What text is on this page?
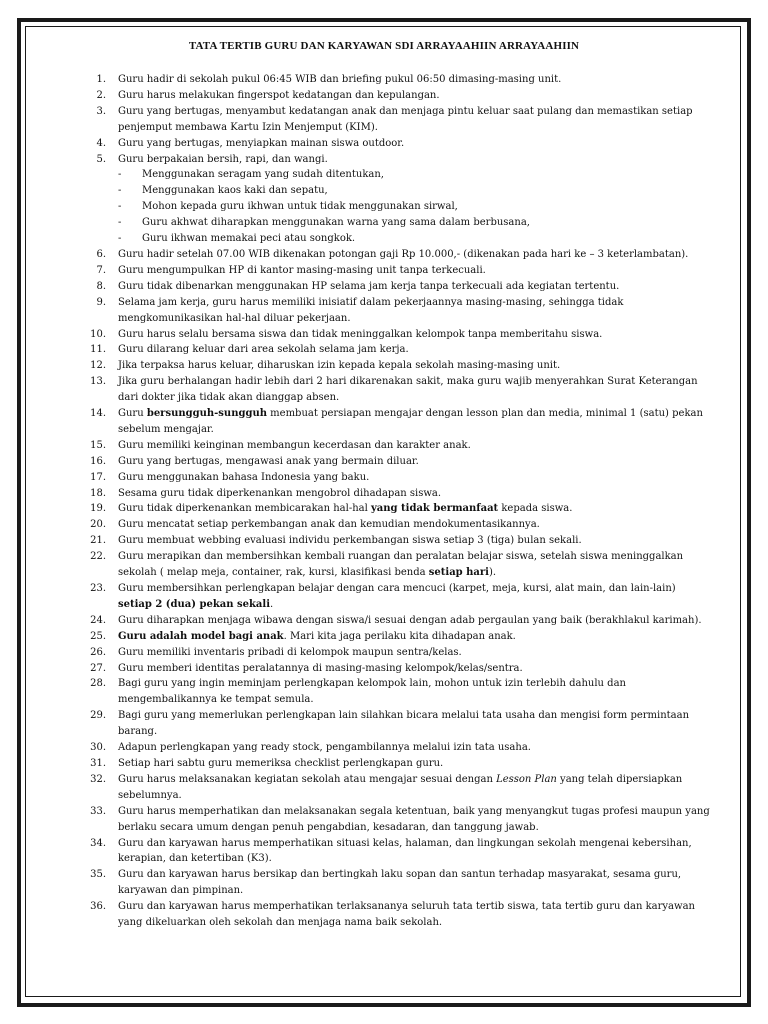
TATA TERTIB GURU DAN KARYAWAN SDI ARRAYAAHIIN ARRAYAAHIIN
1. Guru hadir di sekolah pukul 06:45 WIB dan briefing pukul 06:50 dimasing-masing unit.
2. Guru harus melakukan fingerspot kedatangan dan kepulangan.
3. Guru yang bertugas, menyambut kedatangan anak dan menjaga pintu keluar saat pulang dan memastikan setiap penjemput membawa Kartu Izin Menjemput (KIM).
4. Guru yang bertugas, menyiapkan mainan siswa outdoor.
5. Guru berpakaian bersih, rapi, dan wangi.
- Menggunakan seragam yang sudah ditentukan,
- Menggunakan kaos kaki dan sepatu,
- Mohon kepada guru ikhwan untuk tidak menggunakan sirwal,
- Guru akhwat diharapkan menggunakan warna yang sama dalam berbusana,
- Guru ikhwan memakai peci atau songkok.
6. Guru hadir setelah 07.00 WIB dikenakan potongan gaji Rp 10.000,- (dikenakan pada hari ke – 3 keterlambatan).
7. Guru mengumpulkan HP di kantor masing-masing unit tanpa terkecuali.
8. Guru tidak dibenarkan menggunakan HP selama jam kerja tanpa terkecuali ada kegiatan tertentu.
9. Selama jam kerja, guru harus memiliki inisiatif dalam pekerjaannya masing-masing, sehingga tidak mengkomunikasikan hal-hal diluar pekerjaan.
10. Guru harus selalu bersama siswa dan tidak meninggalkan kelompok tanpa memberitahu siswa.
11. Guru dilarang keluar dari area sekolah selama jam kerja.
12. Jika terpaksa harus keluar, diharuskan izin kepada kepala sekolah masing-masing unit.
13. Jika guru berhalangan hadir lebih dari 2 hari dikarenakan sakit, maka guru wajib menyerahkan Surat Keterangan dari dokter jika tidak akan dianggap absen.
14. Guru bersungguh-sungguh membuat persiapan mengajar dengan lesson plan dan media, minimal 1 (satu) pekan sebelum mengajar.
15. Guru memiliki keinginan membangun kecerdasan dan karakter anak.
16. Guru yang bertugas, mengawasi anak yang bermain diluar.
17. Guru menggunakan bahasa Indonesia yang baku.
18. Sesama guru tidak diperkenankan mengobrol dihadapan siswa.
19. Guru tidak diperkenankan membicarakan hal-hal yang tidak bermanfaat kepada siswa.
20. Guru mencatat setiap perkembangan anak dan kemudian mendokumentasikannya.
21. Guru membuat webbing evaluasi individu perkembangan siswa setiap 3 (tiga) bulan sekali.
22. Guru merapikan dan membersihkan kembali ruangan dan peralatan belajar siswa, setelah siswa meninggalkan sekolah ( melap meja, container, rak, kursi, klasifikasi benda setiap hari).
23. Guru membersihkan perlengkapan belajar dengan cara mencuci (karpet, meja, kursi, alat main, dan lain-lain) setiap 2 (dua) pekan sekali.
24. Guru diharapkan menjaga wibawa dengan siswa/i sesuai dengan adab pergaulan yang baik (berakhlakul karimah).
25. Guru adalah model bagi anak. Mari kita jaga perilaku kita dihadapan anak.
26. Guru memiliki inventaris pribadi di kelompok maupun sentra/kelas.
27. Guru memberi identitas peralatannya di masing-masing kelompok/kelas/sentra.
28. Bagi guru yang ingin meminjam perlengkapan kelompok lain, mohon untuk izin terlebih dahulu dan mengembalikannya ke tempat semula.
29. Bagi guru yang memerlukan perlengkapan lain silahkan bicara melalui tata usaha dan mengisi form permintaan barang.
30. Adapun perlengkapan yang ready stock, pengambilannya melalui izin tata usaha.
31. Setiap hari sabtu guru memeriksa checklist perlengkapan guru.
32. Guru harus melaksanakan kegiatan sekolah atau mengajar sesuai dengan Lesson Plan yang telah dipersiapkan sebelumnya.
33. Guru harus memperhatikan dan melaksanakan segala ketentuan, baik yang menyangkut tugas profesi maupun yang berlaku secara umum dengan penuh pengabdian, kesadaran, dan tanggung jawab.
34. Guru dan karyawan harus memperhatikan situasi kelas, halaman, dan lingkungan sekolah mengenai kebersihan, kerapian, dan ketertiban (K3).
35. Guru dan karyawan harus bersikap dan bertingkah laku sopan dan santun terhadap masyarakat, sesama guru, karyawan dan pimpinan.
36. Guru dan karyawan harus memperhatikan terlaksananya seluruh tata tertib siswa, tata tertib guru dan karyawan yang dikeluarkan oleh sekolah dan menjaga nama baik sekolah.
